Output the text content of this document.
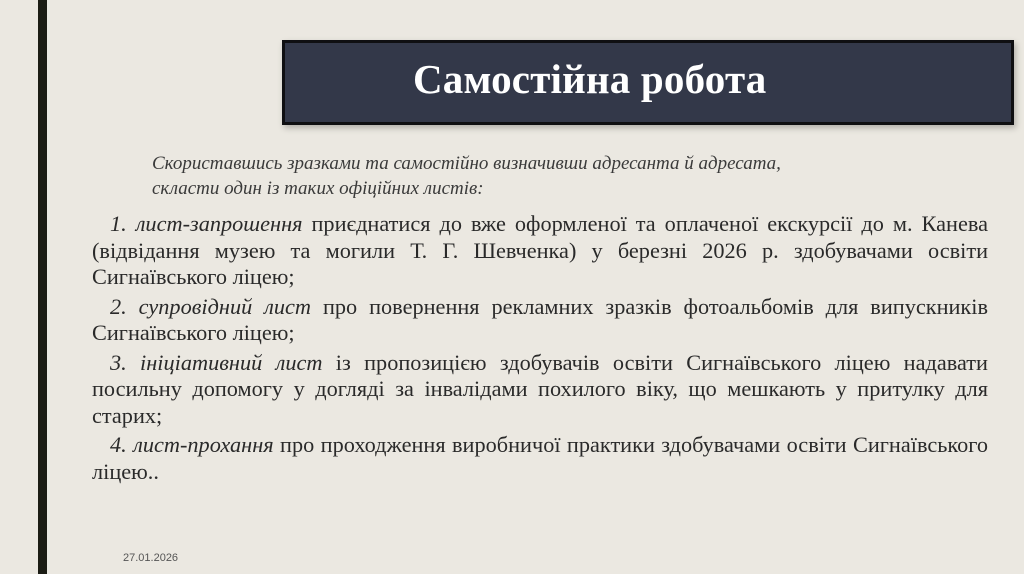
Самостійна робота
Скориставшись зразками та самостійно визначивши адресанта й адресата,
скласти один із таких офіційних листів:
1. лист-запрошення приєднатися до вже оформленої та оплаченої екскурсії до м. Канева (відвідання музею та могили Т. Г. Шевченка) у березні 2026 р. здобувачами освіти Сигнаївського ліцею;
2. супровідний лист про повернення рекламних зразків фотоальбомів для випускників Сигнаївського ліцею;
3. ініціативний лист із пропозицією здобувачів освіти Сигнаївського ліцею надавати посильну допомогу у догляді за інвалідами похилого віку, що мешкають у притулку для старих;
4. лист-прохання про проходження виробничої практики здобувачами освіти Сигнаївського ліцею..
27.01.2026
